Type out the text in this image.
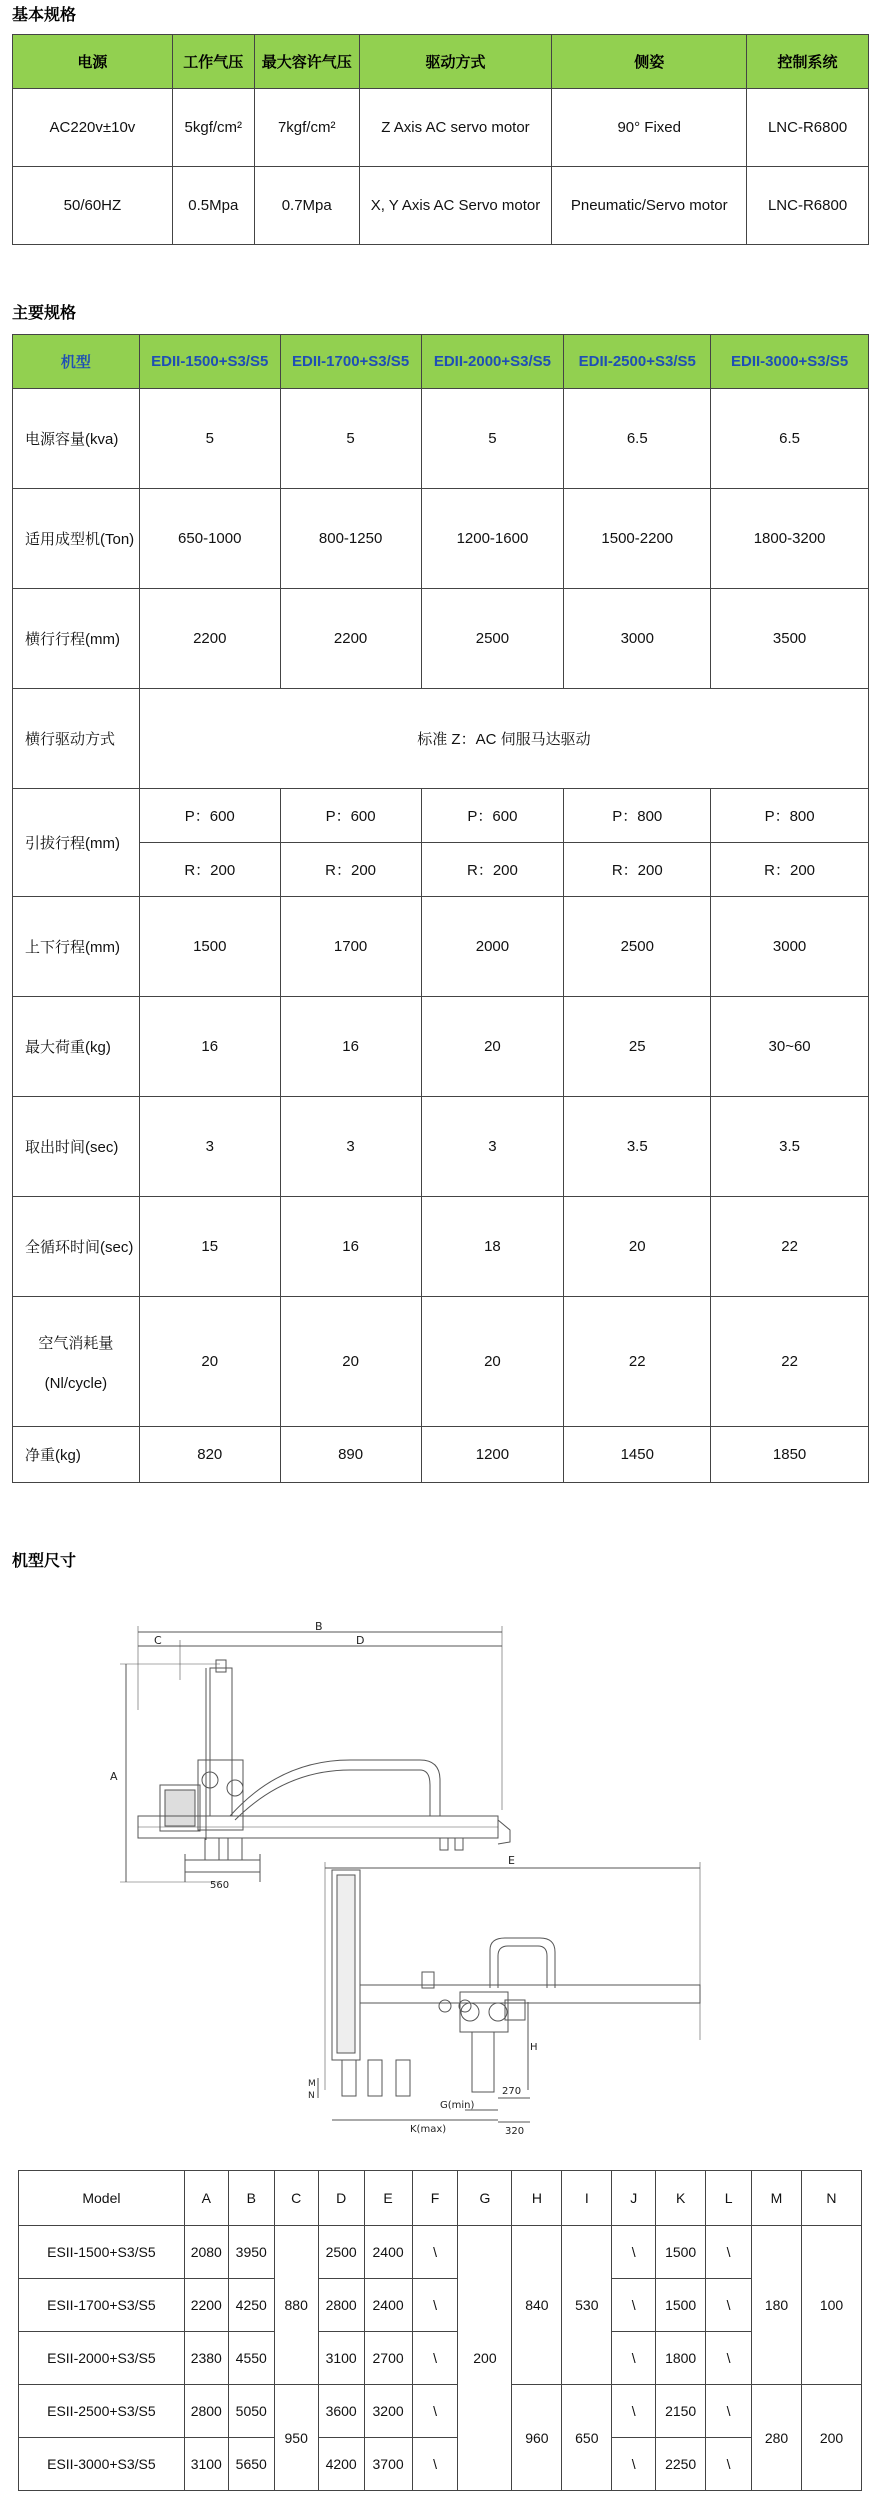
基本规格
电源	工作气压	最大容许气压	驱动方式	侧姿	控制系统
AC220v±10v	5kgf/cm²	7kgf/cm²	Z Axis AC servo motor	90° Fixed	LNC-R6800
50/60HZ	0.5Mpa	0.7Mpa	X, Y Axis AC Servo motor	Pneumatic/Servo motor	LNC-R6800
主要规格
机型	EDII-1500+S3/S5	EDII-1700+S3/S5	EDII-2000+S3/S5	EDII-2500+S3/S5	EDII-3000+S3/S5
电源容量(kva)	5	5	5	6.5	6.5
适用成型机(Ton)	650-1000	800-1250	1200-1600	1500-2200	1800-3200
横行行程(mm)	2200	2200	2500	3000	3500
横行驱动方式	标准 Z：AC 伺服马达驱动				
引拔行程(mm)	P：600	P：600	P：600	P：800	P：800
	R：200	R：200	R：200	R：200	R：200
上下行程(mm)	1500	1700	2000	2500	3000
最大荷重(kg)	16	16	20	25	30~60
取出时间(sec)	3	3	3	3.5	3.5
全循环时间(sec)	15	16	18	20	22

空气消耗量
(Nl/cycle)	20	20	20	22	22
净重(kg)	820	890	1200	1450	1850
机型尺寸
B
C	D
A
560
E
H
M
N	270
G(min)
K(max)	320
Model	A	B	C	D	E	F	G	H	I	J	K	L	M	N
ESII-1500+S3/S5	2080	3950	880	2500	2400	\	200	840	530	\	1500	\	180	100
ESII-1700+S3/S5	2200	4250		2800	2400	\				\	1500	\		
ESII-2000+S3/S5	2380	4550		3100	2700	\				\	1800	\		
ESII-2500+S3/S5	2800	5050	950	3600	3200	\		960	650	\	2150	\	280	200
ESII-3000+S3/S5	3100	5650		4200	3700	\				\	2250	\		
